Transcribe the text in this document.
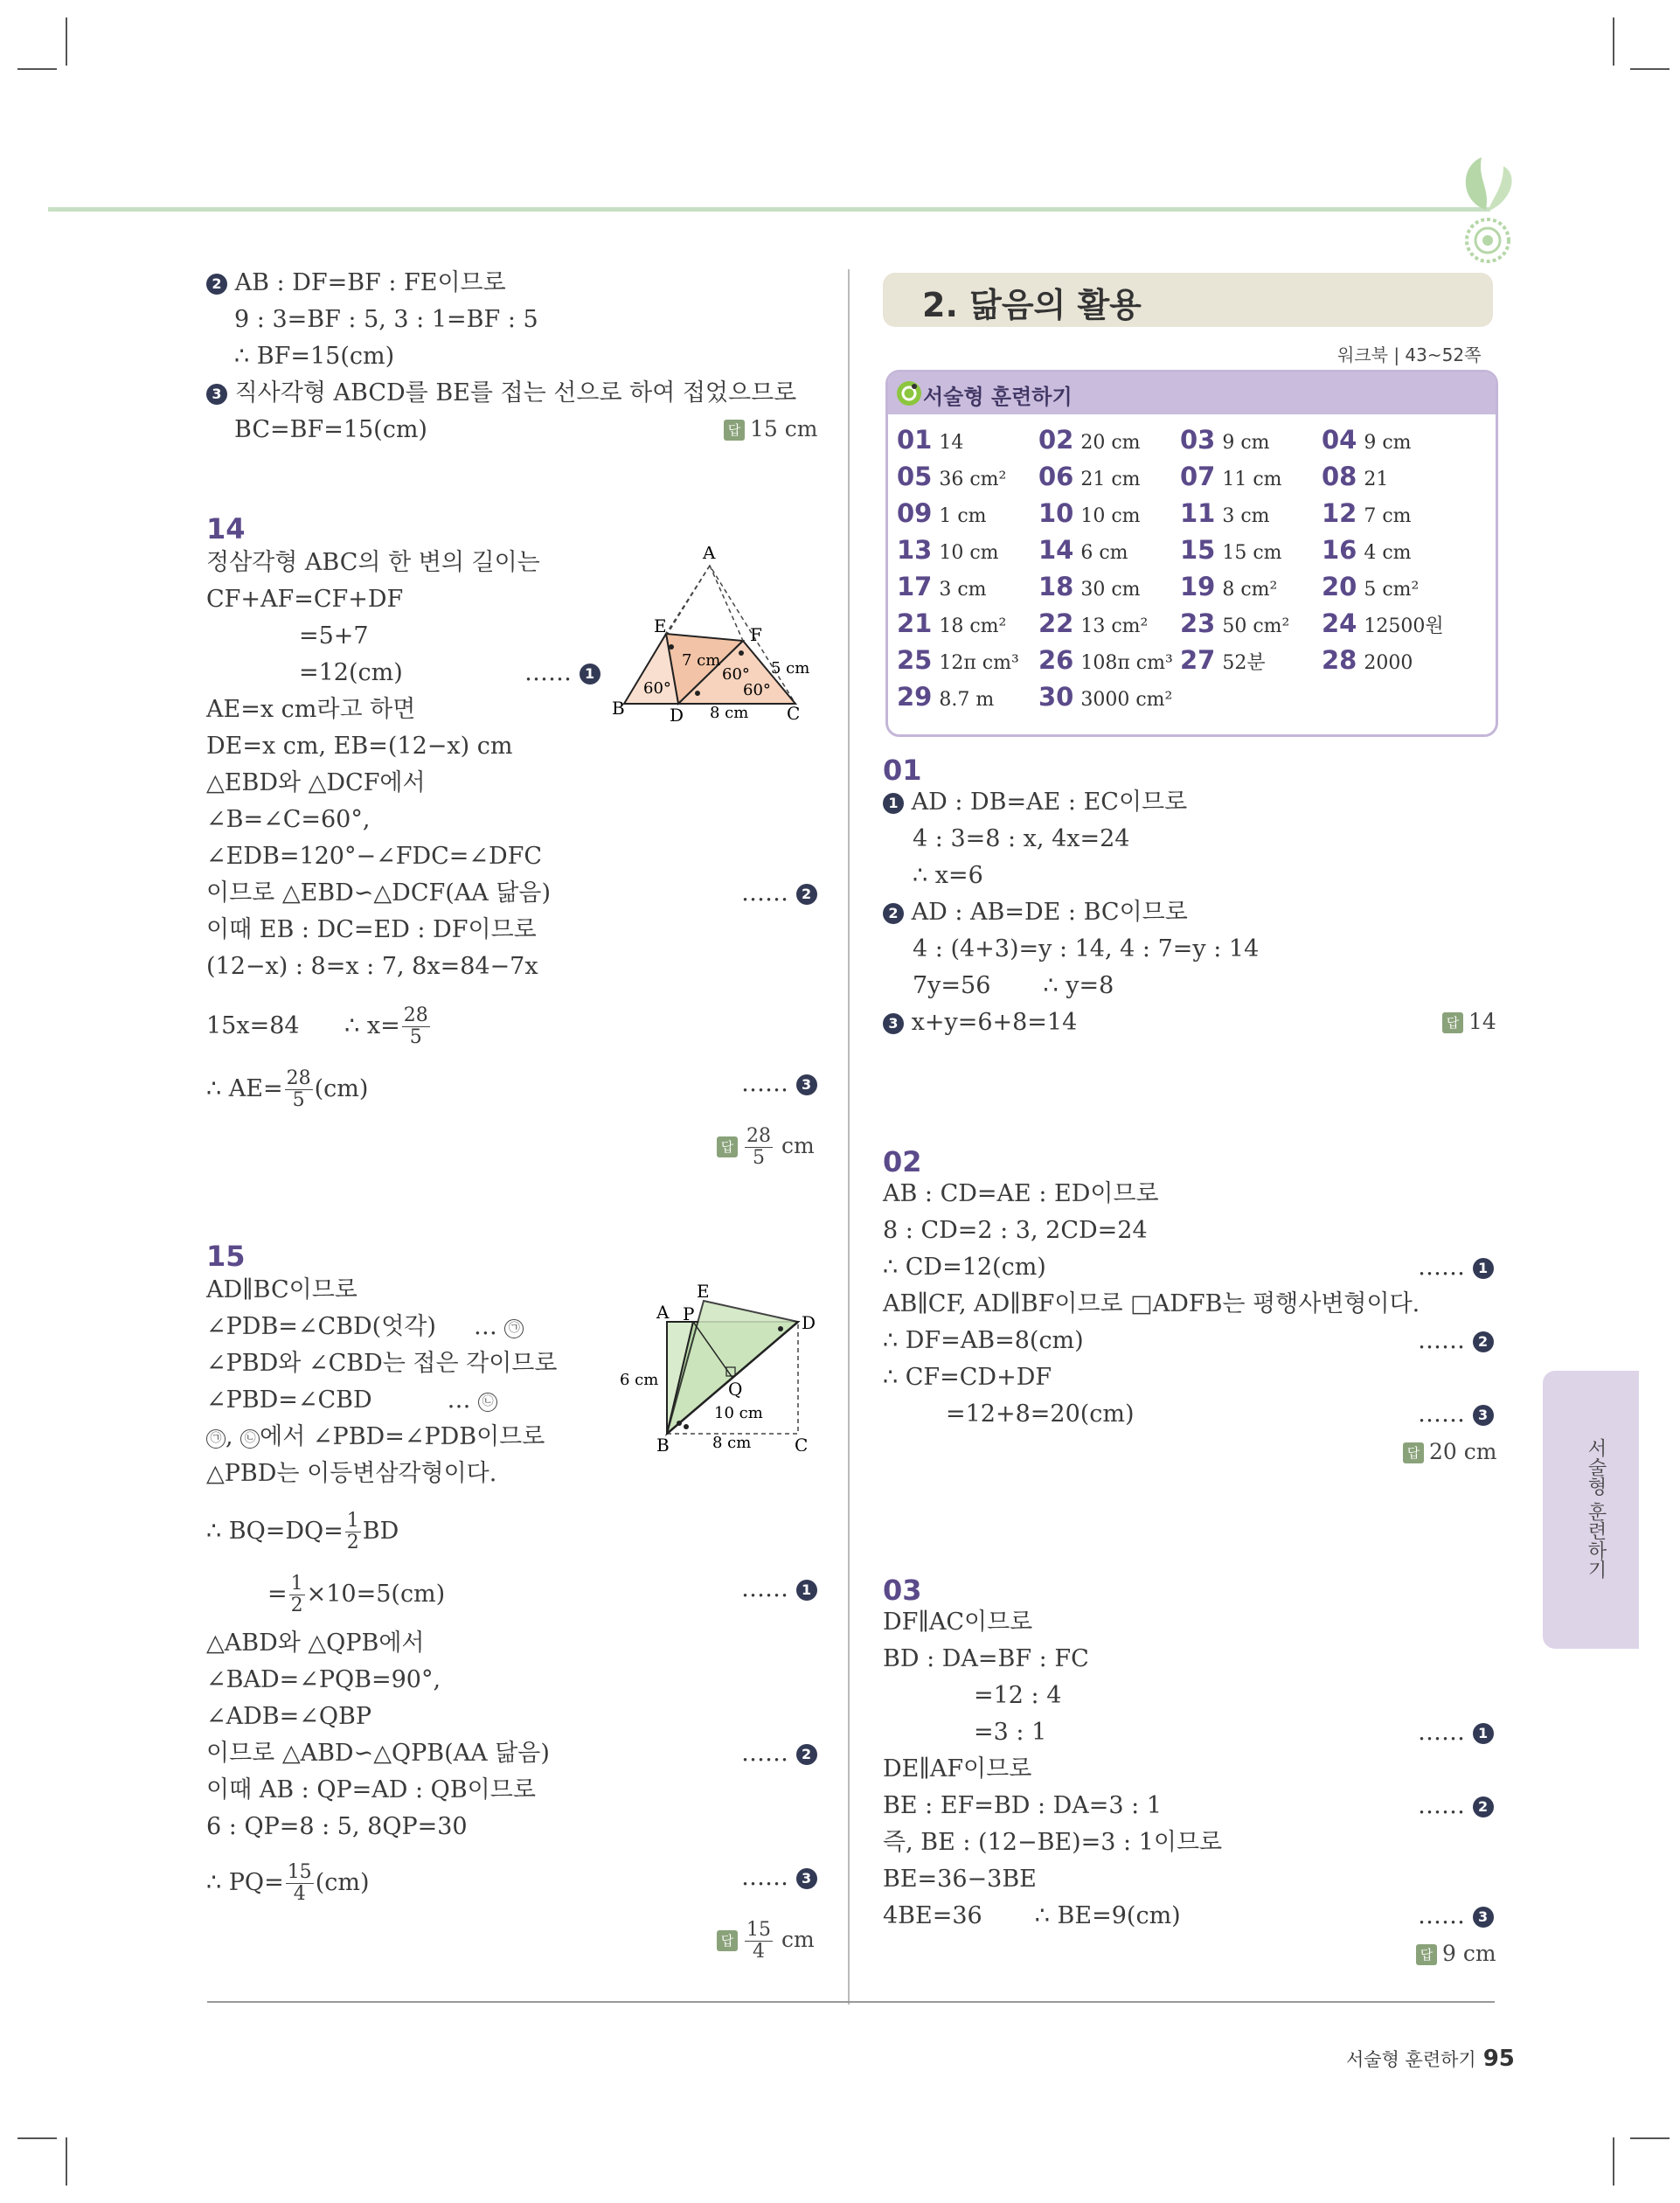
2 AB : DF=BF : FE이므로
9 : 3=BF : 5, 3 : 1=BF : 5
∴ BF=15(cm)
3 직사각형 ABCD를 BE를 접는 선으로 하여 접었으므로
BC=BF=15(cm)	답 15 cm
14
정삼각형 ABC의 한 변의 길이는
CF+AF=CF+DF
=5+7
=12(cm)	…… 1
AE=x cm라고 하면
DE=x cm, EB=(12−x) cm
△EBD와 △DCF에서
∠B=∠C=60°,
∠EDB=120°−∠FDC=∠DFC
이므로 △EBD∽△DCF(AA 닮음)	…… 2
이때 EB : DC=ED : DF이므로
(12−x) : 8=x : 7, 8x=84−7x
15x=84 ∴ $x= \frac{28}{5}$
∴ $AE= \frac{28}{5} (cm)$	…… 3
답 $\frac{28}{5}$ cm
A
B	C
D
E	F
7 cm	5 cm
8 cm
60°
60°
60°
15
AD∥BC이므로
∠PDB=∠CBD(엇각)     … ㉠
∠PBD와 ∠CBD는 접은 각이므로
∠PBD=∠CBD          … ㉡
㉠ , ㉡ 에서 ∠PBD=∠PDB이므로
△PBD는 이등변삼각형이다.
∴ $BQ=DQ= \frac{1}{2}$ BD
= $\frac{1}{2} \times 10=5(cm)$	…… 1
△ABD와 △QPB에서
∠BAD=∠PQB=90°,
∠ADB=∠QBP
이므로 △ABD∽△QPB(AA 닮음)	…… 2
이때 AB : QP=AD : QB이므로
6 : QP=8 : 5, 8QP=30
∴ $PQ= \frac{15}{4} (cm)$	…… 3
답 $\frac{15}{4}$ cm
A
B	C
D
E
P
Q
6 cm
10 cm
8 cm
2. 닮음의 활용
워크북 | 43~52쪽
서술형 훈련하기
01 14	02 20 cm 03 9 cm 04 9 cm
05 36 cm² 06 21 cm 07 11 cm 08 21
09 1 cm 10 10 cm 11 3 cm 12 7 cm
13 10 cm 14 6 cm 15 15 cm 16 4 cm
17 3 cm 18 30 cm 19 8 cm² 20 5 cm²
21 18 cm² 22 13 cm² 23 50 cm² 24 12500원
25 12π cm³ 26 108π cm³ 27 52분 28 2000
29 8.7 m 30 3000 cm²
01
1 AD : DB=AE : EC이므로
4 : 3=8 : x, 4x=24
∴ x=6
2 AD : AB=DE : BC이므로
4 : (4+3)=y : 14, 4 : 7=y : 14
7y=56 ∴ y=8
3 x+y=6+8=14	답 14
02
AB : CD=AE : ED이므로
8 : CD=2 : 3, 2CD=24
∴ CD=12(cm)	…… 1
AB∥CF, AD∥BF이므로 □ADFB는 평행사변형이다.
∴ DF=AB=8(cm)	…… 2
∴ CF=CD+DF
=12+8=20(cm)	…… 3
답 20 cm
03
DF∥AC이므로
BD : DA=BF : FC
=12 : 4
=3 : 1	…… 1
DE∥AF이므로
BE : EF=BD : DA=3 : 1	…… 2
즉, BE : (12−BE)=3 : 1이므로
BE=36−3BE
4BE=36 ∴ BE=9(cm)	…… 3
답 9 cm
서술형 훈련하기
서술형 훈련하기 95
